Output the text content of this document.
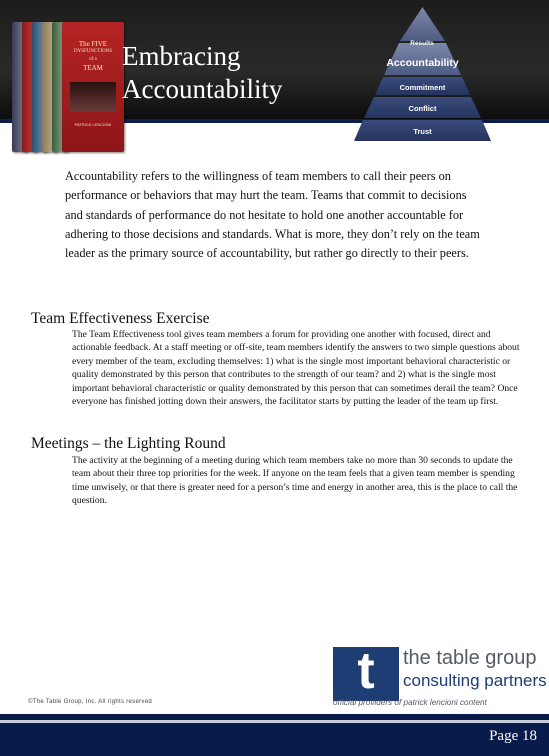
The FIVE
DYSFUNCTIONS
of a
TEAM
PATRICK LENCIONI
Embracing
Accountability
Results
Accountability
Commitment
Conflict
Trust
Accountability refers to the willingness of team members to call their peers on performance or behaviors that may hurt the team. Teams that commit to decisions and standards of performance do not hesitate to hold one another accountable for adhering to those decisions and standards. What is more, they don’t rely on the team leader as the primary source of accountability, but rather go directly to their peers.
Team Effectiveness Exercise
The Team Effectiveness tool gives team members a forum for providing one another with focused, direct and actionable feedback. At a staff meeting or off-site, team members identify the answers to two simple questions about every member of the team, excluding themselves: 1) what is the single most important behavioral characteristic or quality demonstrated by this person that contributes to the strength of our team? and 2) what is the single most important behavioral characteristic or quality demonstrated by this person that can sometimes derail the team? Once everyone has finished jotting down their answers, the facilitator starts by putting the leader of the team up first.
Meetings – the Lighting Round
The activity at the beginning of a meeting during which team members take no more than 30 seconds to update the team about their three top priorities for the week. If anyone on the team feels that a given team member is spending time unwisely, or that there is greater need for a person’s time and energy in another area, this is the place to call the question.
t	the table group
consulting partners
official providers of patrick lencioni content
©The Table Group, Inc. All rights reserved
Page 18
